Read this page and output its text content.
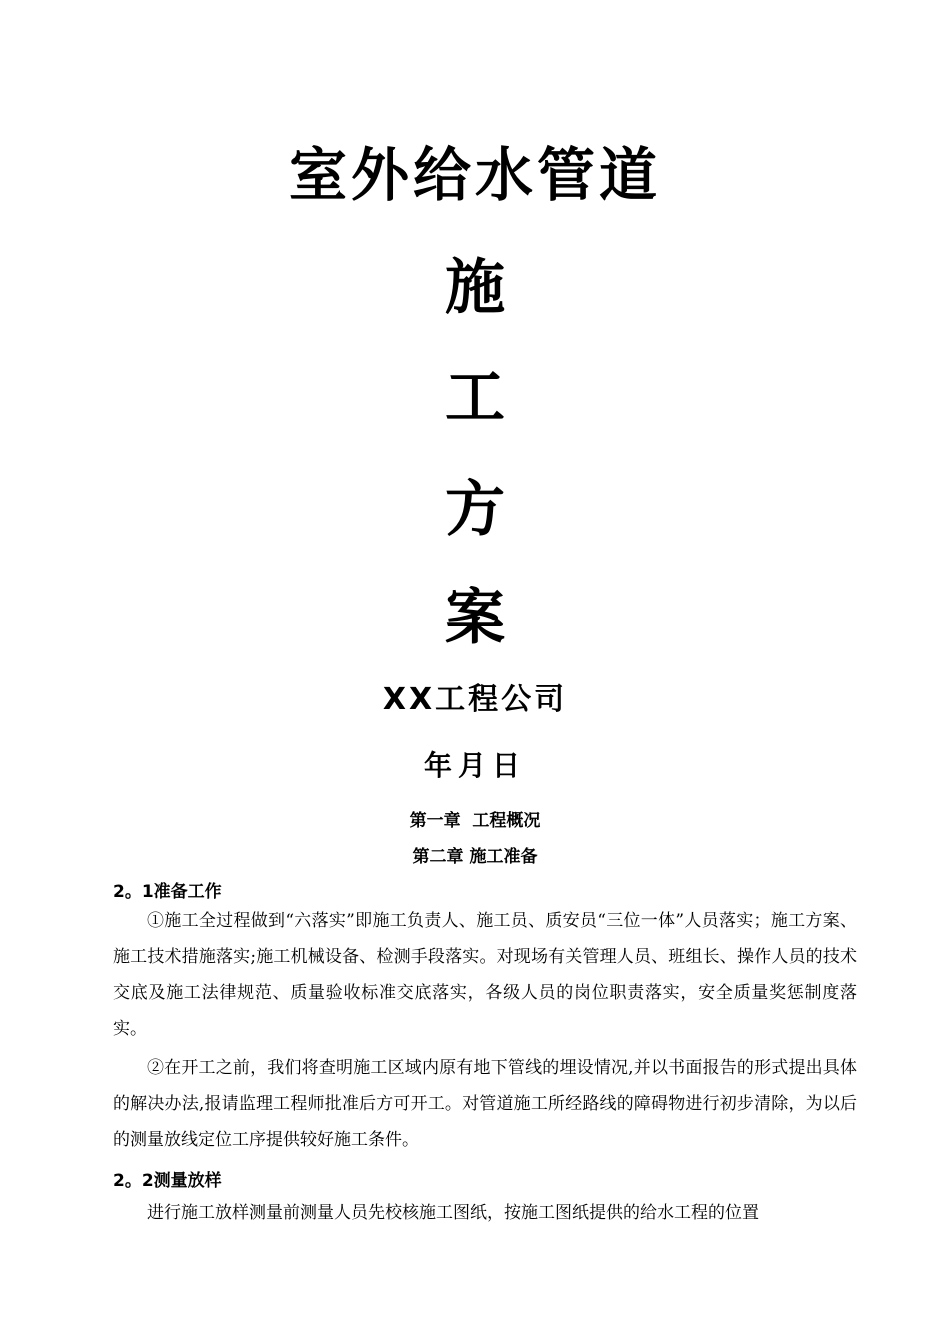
室外给水管道
施
工
方
案
XX工程公司
年月日
第一章  工程概况
第二章 施工准备
2。1准备工作
①施工全过程做到“六落实”即施工负责人、施工员、质安员“三位一体”人员落实；施工方案、施工技术措施落实;施工机械设备、检测手段落实。对现场有关管理人员、班组长、操作人员的技术交底及施工法律规范、质量验收标准交底落实，各级人员的岗位职责落实，安全质量奖惩制度落实。
②在开工之前，我们将查明施工区域内原有地下管线的埋设情况,并以书面报告的形式提出具体的解决办法,报请监理工程师批准后方可开工。对管道施工所经路线的障碍物进行初步清除，为以后的测量放线定位工序提供较好施工条件。
2。2测量放样
进行施工放样测量前测量人员先校核施工图纸，按施工图纸提供的给水工程的位置
